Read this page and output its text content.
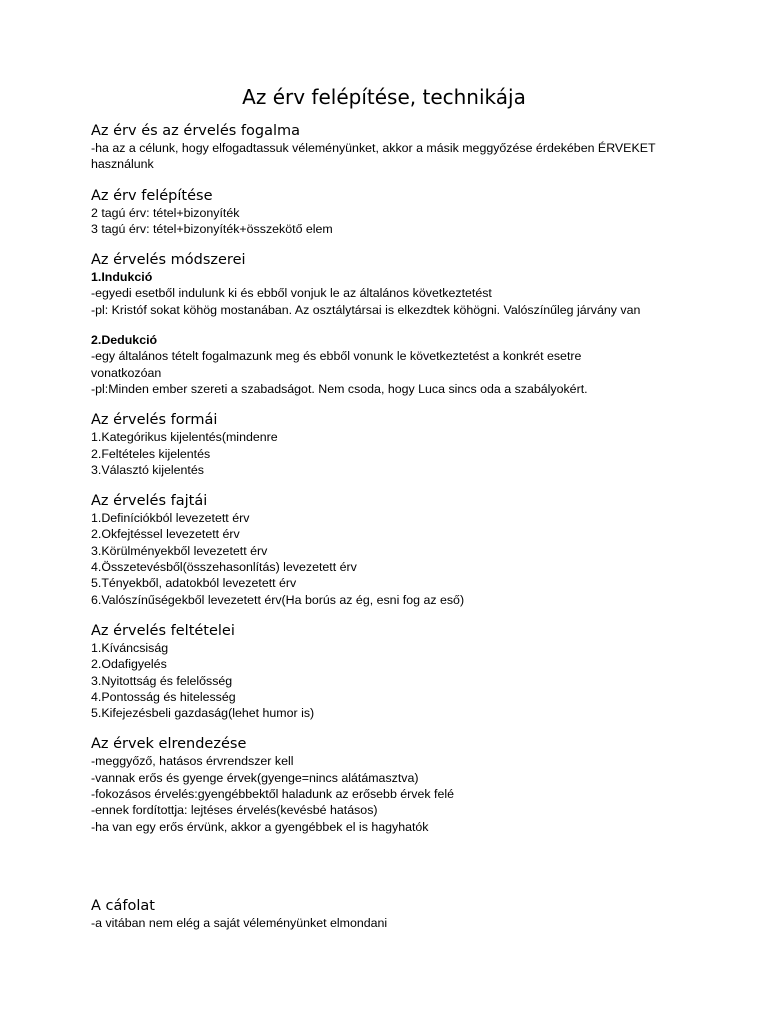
Az érv felépítése, technikája
Az érv és az érvelés fogalma

-ha az a célunk, hogy elfogadtassuk véleményünket, akkor a másik meggyőzése érdekében ÉRVEKET

használunk

Az érv felépítése

2 tagú érv: tétel+bizonyíték

3 tagú érv: tétel+bizonyíték+összekötő elem

Az érvelés módszerei

1.Indukció

-egyedi esetből indulunk ki és ebből vonjuk le az általános következtetést

-pl: Kristóf sokat köhög mostanában. Az osztálytársai is elkezdtek köhögni. Valószínűleg járvány van

2.Dedukció

-egy általános tételt fogalmazunk meg és ebből vonunk le következtetést a konkrét esetre

vonatkozóan

-pl:Minden ember szereti a szabadságot. Nem csoda, hogy Luca sincs oda a szabályokért.

Az érvelés formái

1.Kategórikus kijelentés(mindenre

2.Feltételes kijelentés

3.Választó kijelentés

Az érvelés fajtái

1.Definíciókból levezetett érv

2.Okfejtéssel levezetett érv

3.Körülményekből levezetett érv

4.Összetevésből(összehasonlítás) levezetett érv

5.Tényekből, adatokból levezetett érv

6.Valószínűségekből levezetett érv(Ha borús az ég, esni fog az eső)

Az érvelés feltételei

1.Kíváncsiság

2.Odafigyelés

3.Nyitottság és felelősség

4.Pontosság és hitelesség

5.Kifejezésbeli gazdaság(lehet humor is)

Az érvek elrendezése

-meggyőző, hatásos érvrendszer kell

-vannak erős és gyenge érvek(gyenge=nincs alátámasztva)

-fokozásos érvelés:gyengébbektől haladunk az erősebb érvek felé

-ennek fordítottja: lejtéses érvelés(kevésbé hatásos)

-ha van egy erős érvünk, akkor a gyengébbek el is hagyhatók

A cáfolat

-a vitában nem elég a saját véleményünket elmondani
